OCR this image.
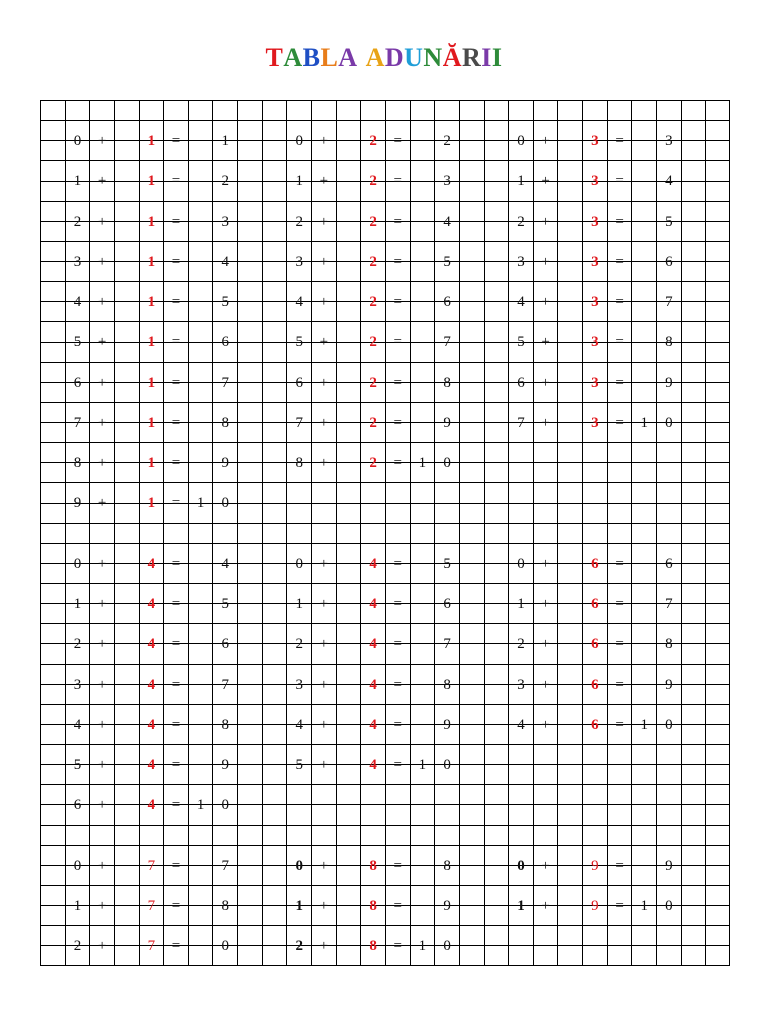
TABLA ADUNĂRII
0	+	1	=	1	0	+	2	=	2	0	+	3	=	3
1	+	1	=	2	1	+	2	=	3	1	+	3	=	4
2	+	1	=	3	2	+	2	=	4	2	+	3	=	5
3	+	1	=	4	3	+	2	=	5	3	+	3	=	6
4	+	1	=	5	4	+	2	=	6	4	+	3	=	7
5	+	1	=	6	5	+	2	=	7	5	+	3	=	8
6	+	1	=	7	6	+	2	=	8	6	+	3	=	9
7	+	1	=	8	7	+	2	=	9	7	+	3	=	1	0
8	+	1	=	9	8	+	2	=	1	0
9	+	1	=	1	0
0	+	4	=	4	0	+	4	=	5	0	+	6	=	6
1	+	4	=	5	1	+	4	=	6	1	+	6	=	7
2	+	4	=	6	2	+	4	=	7	2	+	6	=	8
3	+	4	=	7	3	+	4	=	8	3	+	6	=	9
4	+	4	=	8	4	+	4	=	9	4	+	6	=	1	0
5	+	4	=	9	5	+	4	=	1	0
6	+	4	=	1	0
0	+	7	=	7	0	+	8	=	8	0	+	9	=	9
1	+	7	=	8	1	+	8	=	9	1	+	9	=	1	0
2	+	7	=	0	2	+	8	=	1	0
